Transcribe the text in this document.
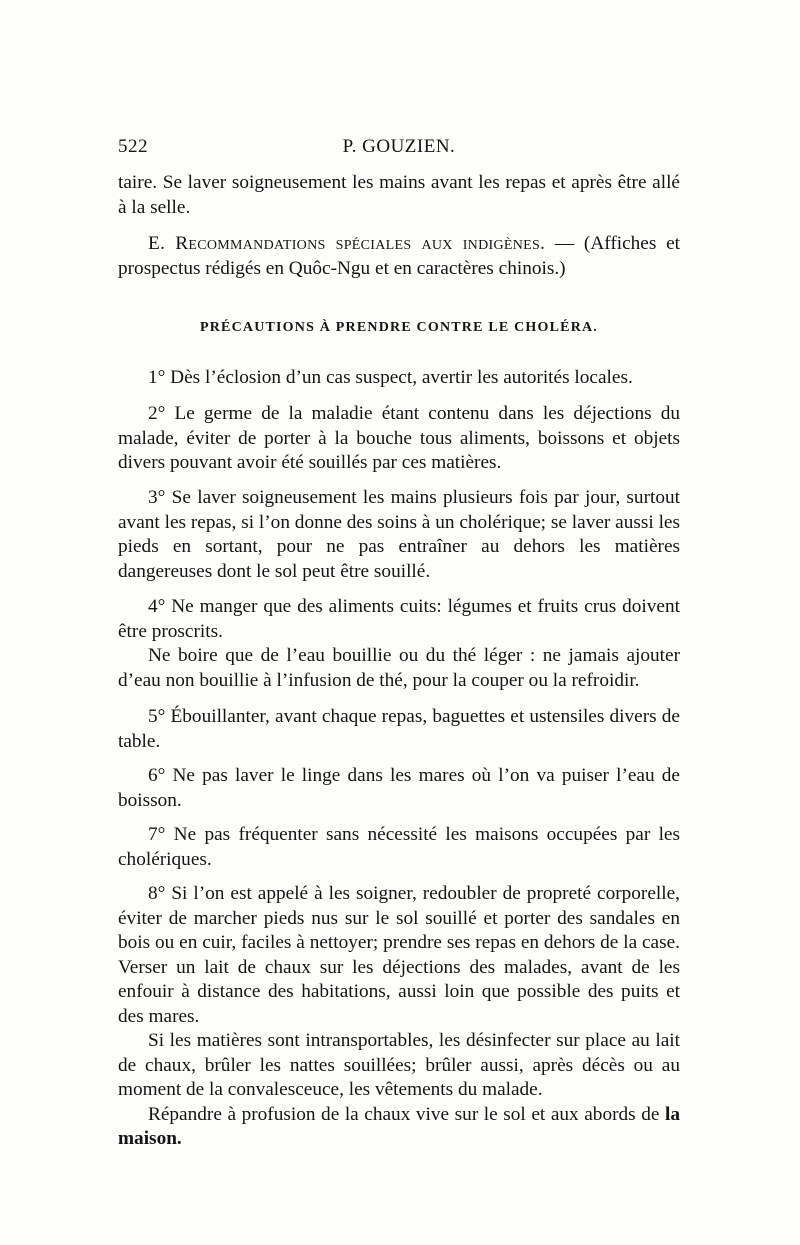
522	P. GOUZIEN.

taire. Se laver soigneusement les mains avant les repas et après être allé à la selle.

E. Recommandations spéciales aux indigènes. — (Affiches et prospectus rédigés en Quôc-Ngu et en caractères chinois.)

PRÉCAUTIONS À PRENDRE CONTRE LE CHOLÉRA.

1° Dès l’éclosion d’un cas suspect, avertir les autorités locales.

2° Le germe de la maladie étant contenu dans les déjections du malade, éviter de porter à la bouche tous aliments, boissons et objets divers pouvant avoir été souillés par ces matières.

3° Se laver soigneusement les mains plusieurs fois par jour, surtout avant les repas, si l’on donne des soins à un cholérique; se laver aussi les pieds en sortant, pour ne pas entraîner au dehors les matières dangereuses dont le sol peut être souillé.

4° Ne manger que des aliments cuits: légumes et fruits crus doivent être proscrits.

Ne boire que de l’eau bouillie ou du thé léger : ne jamais ajouter d’eau non bouillie à l’infusion de thé, pour la couper ou la refroidir.

5° Ébouillanter, avant chaque repas, baguettes et ustensiles divers de table.

6° Ne pas laver le linge dans les mares où l’on va puiser l’eau de boisson.

7° Ne pas fréquenter sans nécessité les maisons occupées par les cholériques.

8° Si l’on est appelé à les soigner, redoubler de propreté corporelle, éviter de marcher pieds nus sur le sol souillé et porter des sandales en bois ou en cuir, faciles à nettoyer; prendre ses repas en dehors de la case. Verser un lait de chaux sur les déjections des malades, avant de les enfouir à distance des habitations, aussi loin que possible des puits et des mares.

Si les matières sont intransportables, les désinfecter sur place au lait de chaux, brûler les nattes souillées; brûler aussi, après décès ou au moment de la convalesceuce, les vêtements du malade.

Répandre à profusion de la chaux vive sur le sol et aux abords de la maison.
